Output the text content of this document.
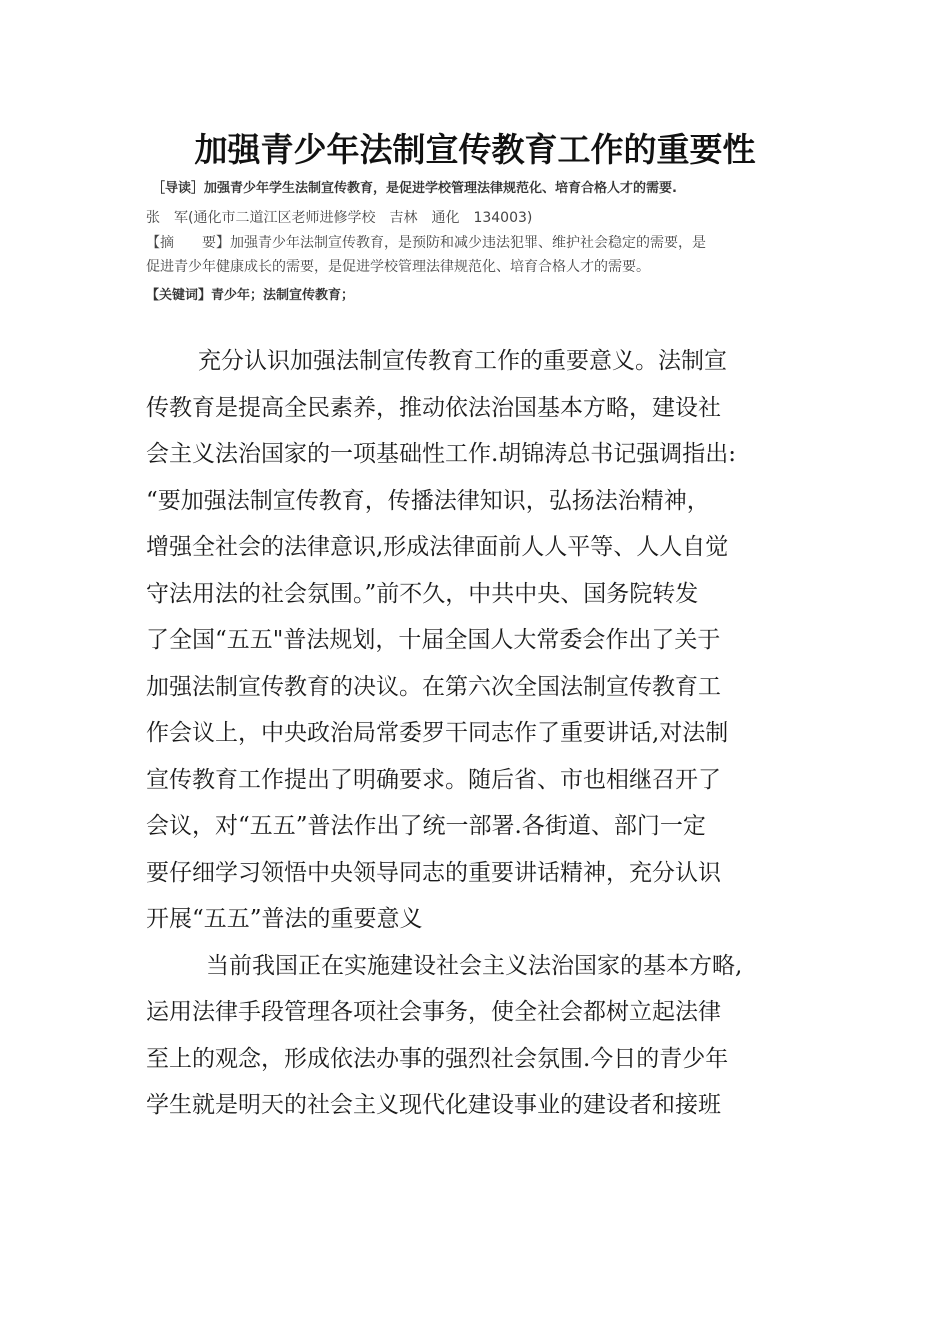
加强青少年法制宣传教育工作的重要性
［导读］加强青少年学生法制宣传教育，是促进学校管理法律规范化、培育合格人才的需要.
张　军(通化市二道江区老师进修学校　吉林　通化　134003)
【摘　　要】加强青少年法制宣传教育，是预防和减少违法犯罪、维护社会稳定的需要，是
促进青少年健康成长的需要，是促进学校管理法律规范化、培育合格人才的需要。
【关键词】青少年；法制宣传教育；
充分认识加强法制宣传教育工作的重要意义。法制宣
传教育是提高全民素养，推动依法治国基本方略，建设社
会主义法治国家的一项基础性工作.胡锦涛总书记强调指出:
“要加强法制宣传教育，传播法律知识，弘扬法治精神，
增强全社会的法律意识,形成法律面前人人平等、人人自觉
守法用法的社会氛围。”前不久，中共中央、国务院转发
了全国“五五"普法规划，十届全国人大常委会作出了关于
加强法制宣传教育的决议。在第六次全国法制宣传教育工
作会议上，中央政治局常委罗干同志作了重要讲话,对法制
宣传教育工作提出了明确要求。随后省、市也相继召开了
会议，对“五五”普法作出了统一部署.各街道、部门一定
要仔细学习领悟中央领导同志的重要讲话精神，充分认识
开展“五五”普法的重要意义
当前我国正在实施建设社会主义法治国家的基本方略,
运用法律手段管理各项社会事务，使全社会都树立起法律
至上的观念，形成依法办事的强烈社会氛围.今日的青少年
学生就是明天的社会主义现代化建设事业的建设者和接班
